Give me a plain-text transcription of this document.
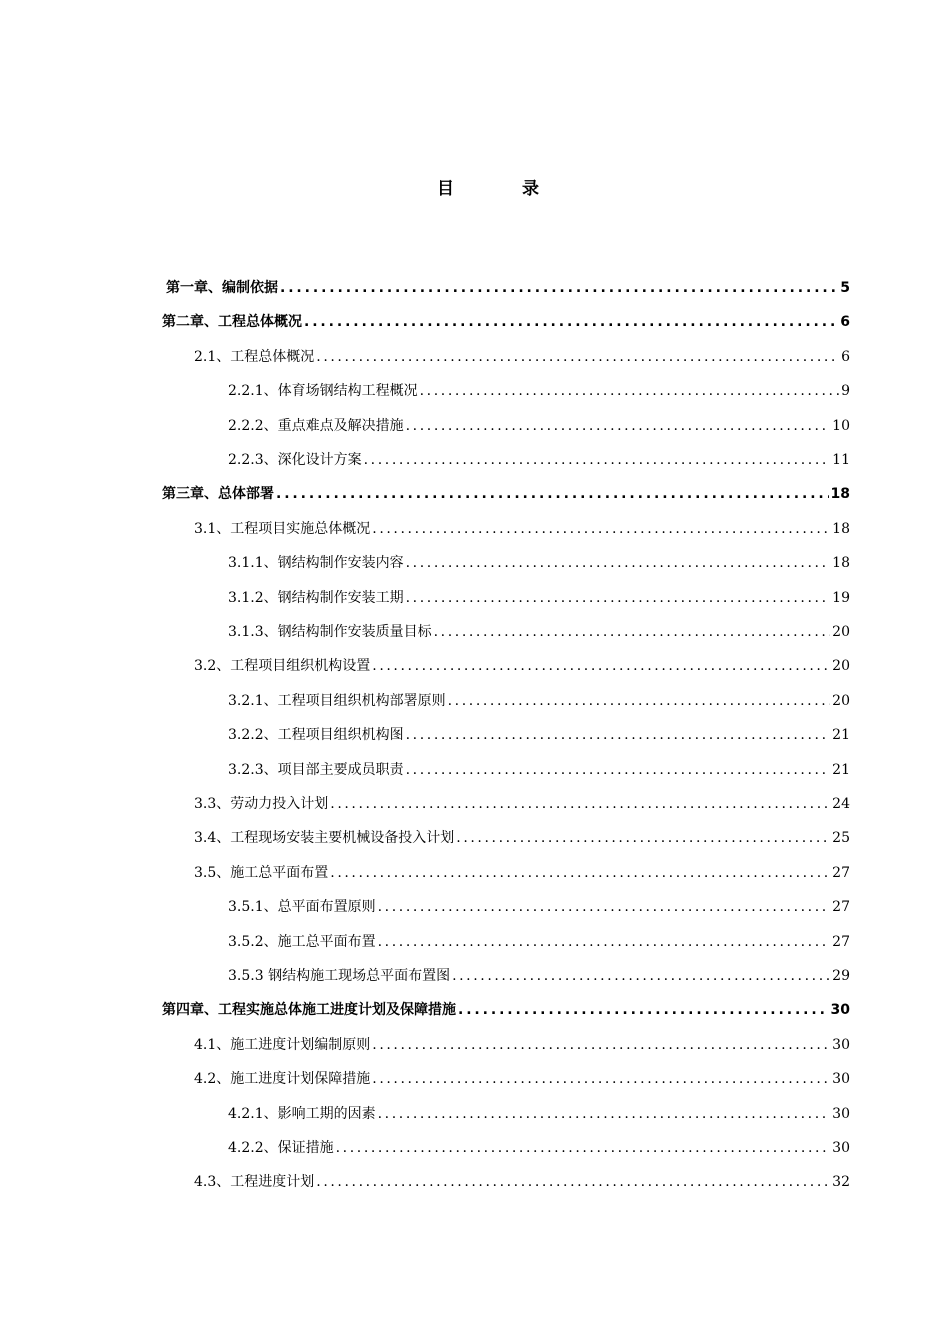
目	录
第一章、编制依据 .....	5
第二章、工程总体概况 .....	6
2.1、工程总体概况 .....	6
2.2.1、体育场钢结构工程概况 .....	9
2.2.2、重点难点及解决措施 .....	10
2.2.3、深化设计方案 .....	11
第三章、总体部署 .....	18
3.1、工程项目实施总体概况 .....	18
3.1.1、钢结构制作安装内容 .....	18
3.1.2、钢结构制作安装工期 .....	19
3.1.3、钢结构制作安装质量目标 .....	20
3.2、工程项目组织机构设置 .....	20
3.2.1、工程项目组织机构部署原则 .....	20
3.2.2、工程项目组织机构图 .....	21
3.2.3、项目部主要成员职责 .....	21
3.3、劳动力投入计划 .....	24
3.4、工程现场安装主要机械设备投入计划 .....	25
3.5、施工总平面布置 .....	27
3.5.1、总平面布置原则 .....	27
3.5.2、施工总平面布置 .....	27
3.5.3 钢结构施工现场总平面布置图 .....	29
第四章、工程实施总体施工进度计划及保障措施 .....	30
4.1、施工进度计划编制原则 .....	30
4.2、施工进度计划保障措施 .....	30
4.2.1、影响工期的因素 .....	30
4.2.2、保证措施 .....	30
4.3、工程进度计划 .....	32
